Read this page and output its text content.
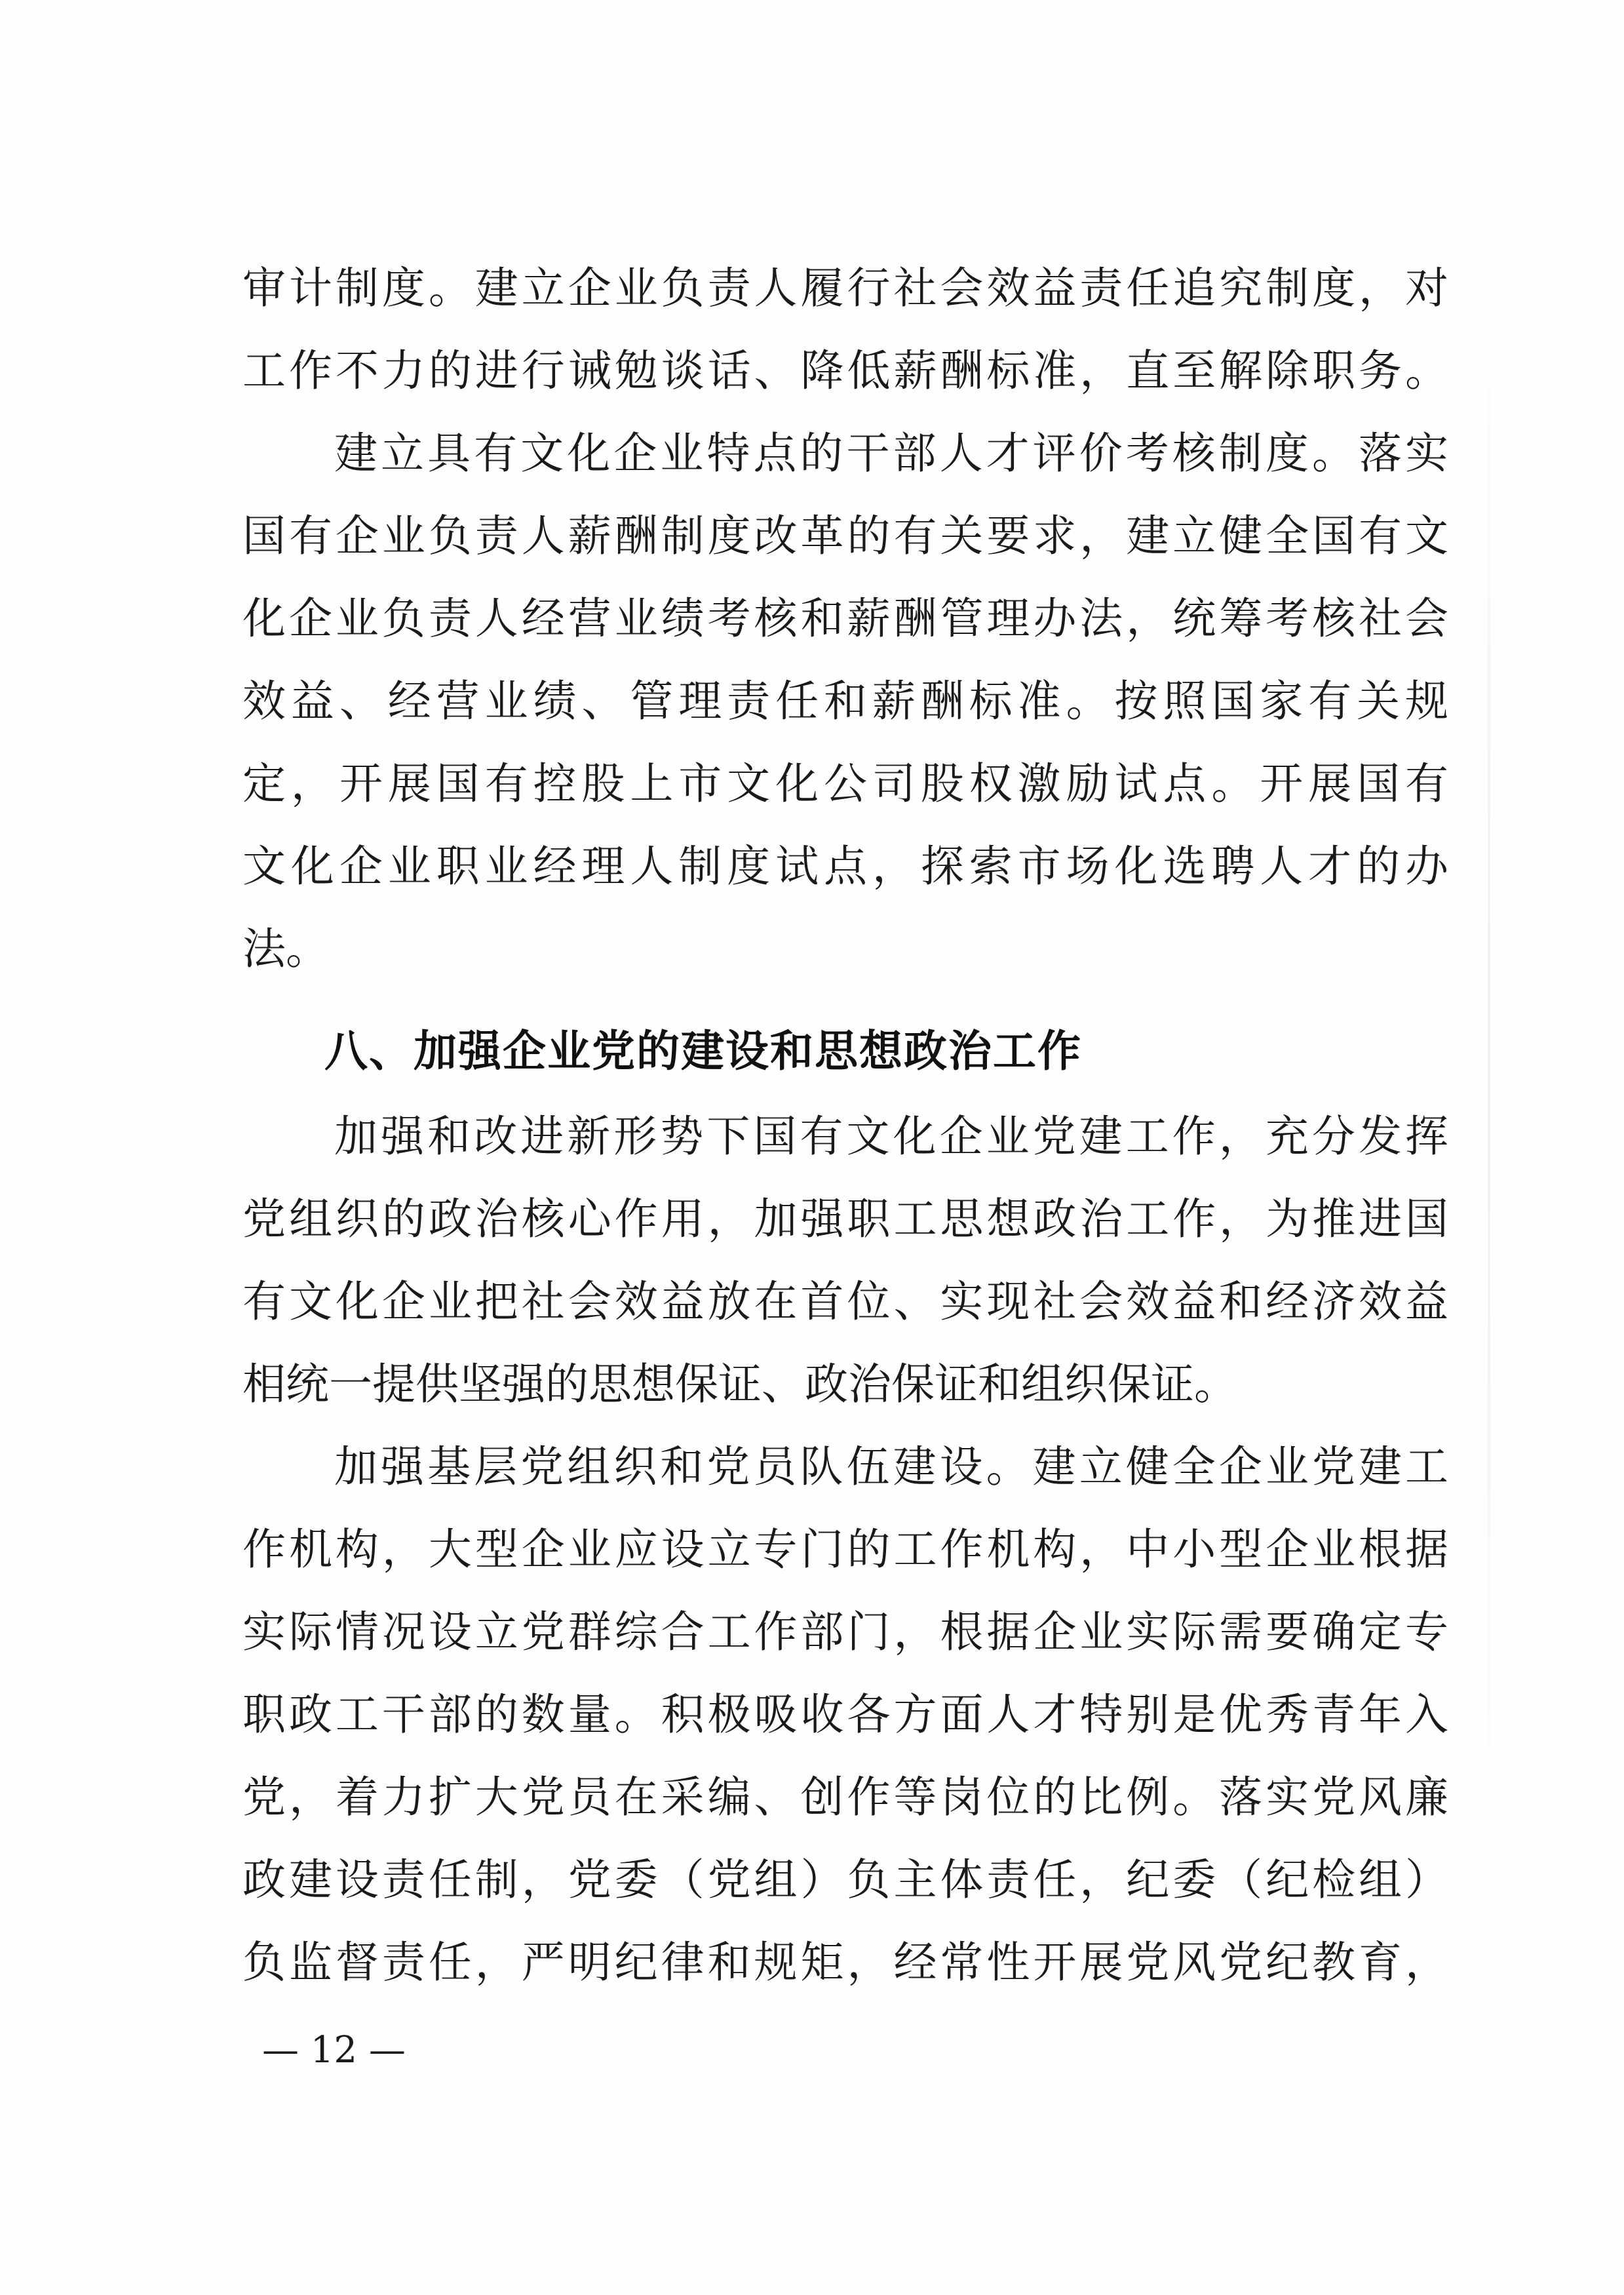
审计制度。建立企业负责人履行社会效益责任追究制度，对
工作不力的进行诫勉谈话、降低薪酬标准，直至解除职务。
建立具有文化企业特点的干部人才评价考核制度。落实
国有企业负责人薪酬制度改革的有关要求，建立健全国有文
化企业负责人经营业绩考核和薪酬管理办法，统筹考核社会
效益、经营业绩、管理责任和薪酬标准。按照国家有关规
定，开展国有控股上市文化公司股权激励试点。开展国有
文化企业职业经理人制度试点，探索市场化选聘人才的办
法。
八、加强企业党的建设和思想政治工作
加强和改进新形势下国有文化企业党建工作，充分发挥
党组织的政治核心作用，加强职工思想政治工作，为推进国
有文化企业把社会效益放在首位、实现社会效益和经济效益
相统一提供坚强的思想保证、政治保证和组织保证。
加强基层党组织和党员队伍建设。建立健全企业党建工
作机构，大型企业应设立专门的工作机构，中小型企业根据
实际情况设立党群综合工作部门，根据企业实际需要确定专
职政工干部的数量。积极吸收各方面人才特别是优秀青年入
党，着力扩大党员在采编、创作等岗位的比例。落实党风廉
政建设责任制，党委（党组）负主体责任，纪委（纪检组）
负监督责任，严明纪律和规矩，经常性开展党风党纪教育，
— 12 —
